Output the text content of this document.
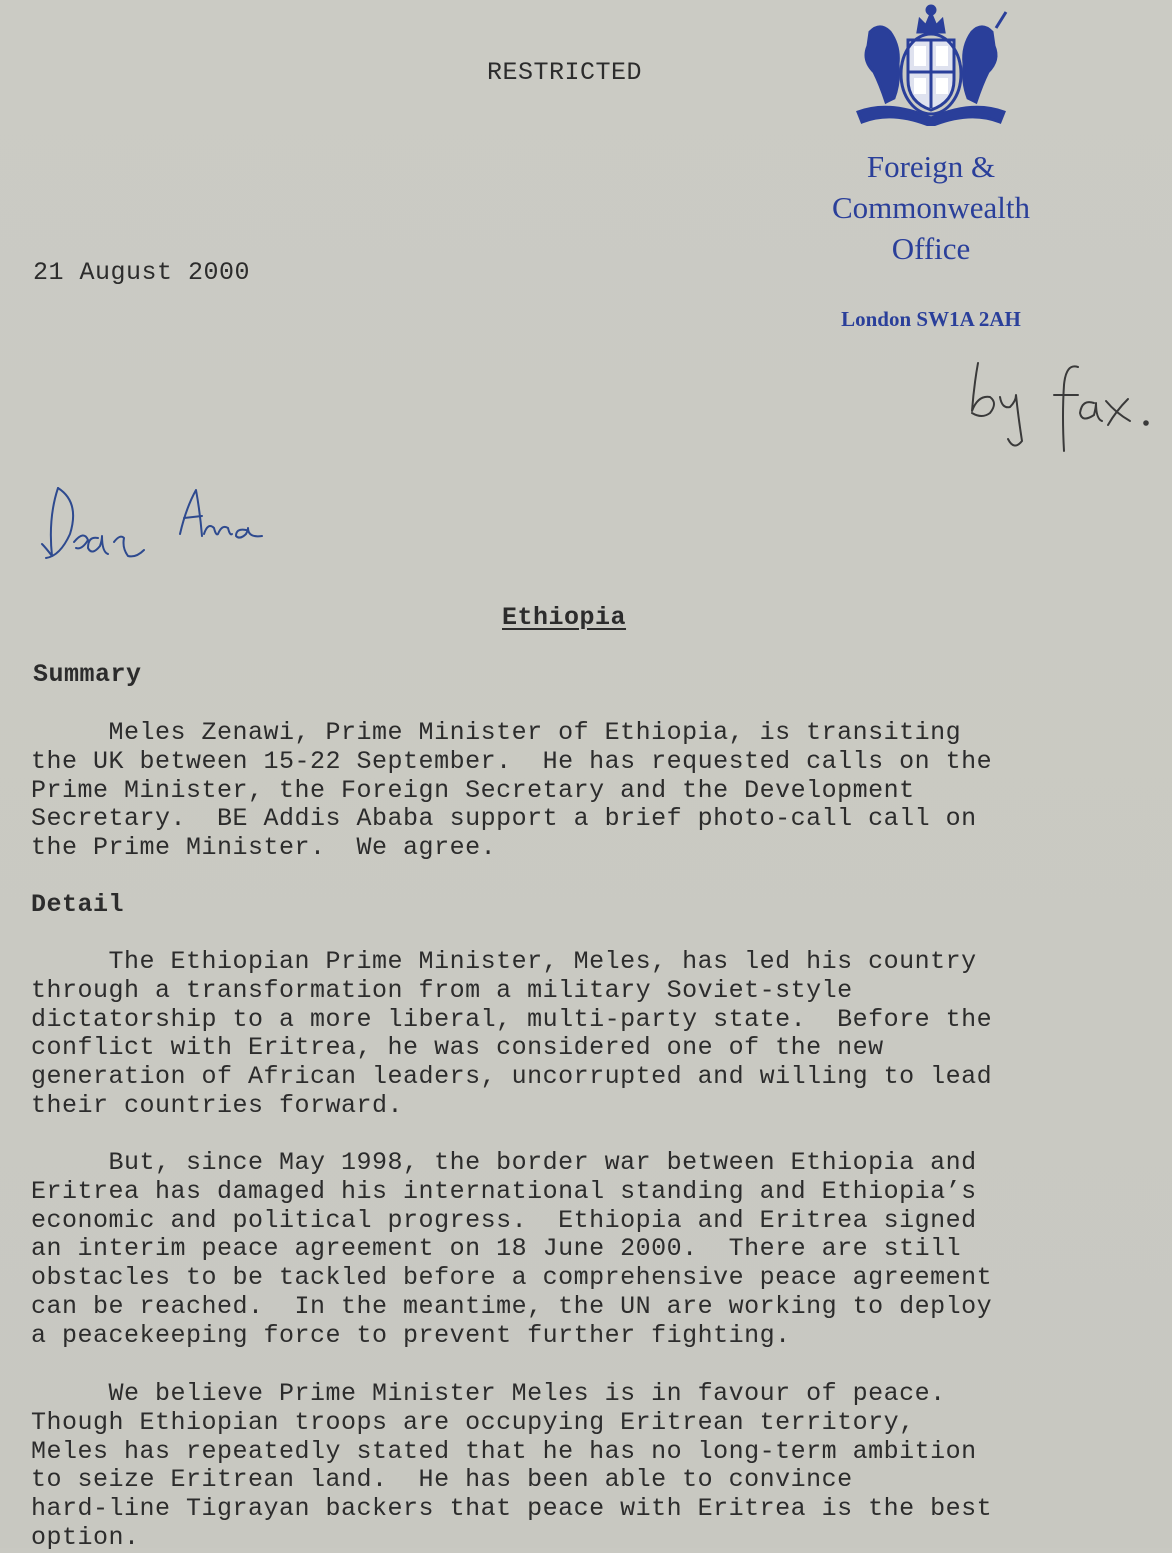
RESTRICTED
Foreign &
Commonwealth
Office
London SW1A 2AH
21 August 2000
Ethiopia
Summary
Meles Zenawi, Prime Minister of Ethiopia, is transiting
the UK between 15-22 September.  He has requested calls on the
Prime Minister, the Foreign Secretary and the Development
Secretary.  BE Addis Ababa support a brief photo-call call on
the Prime Minister.  We agree.
Detail
The Ethiopian Prime Minister, Meles, has led his country
through a transformation from a military Soviet-style
dictatorship to a more liberal, multi-party state.  Before the
conflict with Eritrea, he was considered one of the new
generation of African leaders, uncorrupted and willing to lead
their countries forward.
But, since May 1998, the border war between Ethiopia and
Eritrea has damaged his international standing and Ethiopia’s
economic and political progress.  Ethiopia and Eritrea signed
an interim peace agreement on 18 June 2000.  There are still
obstacles to be tackled before a comprehensive peace agreement
can be reached.  In the meantime, the UN are working to deploy
a peacekeeping force to prevent further fighting.
We believe Prime Minister Meles is in favour of peace.
Though Ethiopian troops are occupying Eritrean territory,
Meles has repeatedly stated that he has no long-term ambition
to seize Eritrean land.  He has been able to convince
hard-line Tigrayan backers that peace with Eritrea is the best
option.
